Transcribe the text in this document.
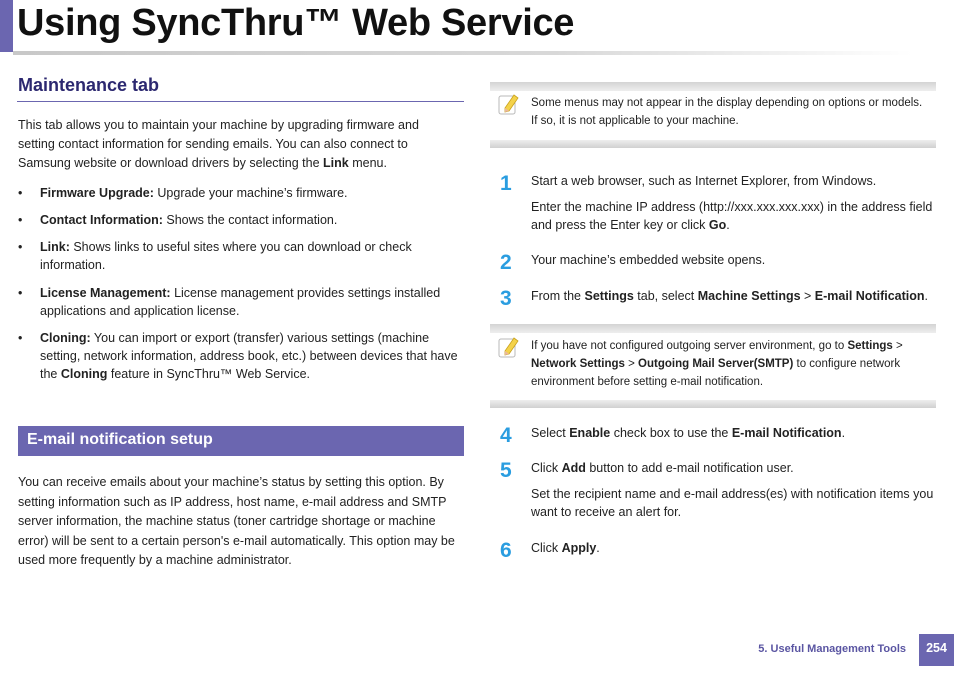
Using SyncThru™ Web Service
Maintenance tab
This tab allows you to maintain your machine by upgrading firmware and setting contact information for sending emails. You can also connect to Samsung website or download drivers by selecting the Link menu.
• Firmware Upgrade: Upgrade your machine’s firmware.
• Contact Information: Shows the contact information.
• Link: Shows links to useful sites where you can download or check information.
• License Management: License management provides settings installed applications and application license.
• Cloning: You can import or export (transfer) various settings (machine setting, network information, address book, etc.) between devices that have the Cloning feature in SyncThru™ Web Service.
E-mail notification setup
You can receive emails about your machine’s status by setting this option. By setting information such as IP address, host name, e-mail address and SMTP server information, the machine status (toner cartridge shortage or machine error) will be sent to a certain person's e-mail automatically. This option may be used more frequently by a machine administrator.
Some menus may not appear in the display depending on options or models. If so, it is not applicable to your machine.
1 Start a web browser, such as Internet Explorer, from Windows.
Enter the machine IP address (http://xxx.xxx.xxx.xxx) in the address field and press the Enter key or click Go.
2 Your machine’s embedded website opens.
3 From the Settings tab, select Machine Settings > E-mail Notification.
If you have not configured outgoing server environment, go to Settings > Network Settings > Outgoing Mail Server(SMTP) to configure network environment before setting e-mail notification.
4 Select Enable check box to use the E-mail Notification.
5 Click Add button to add e-mail notification user.
Set the recipient name and e-mail address(es) with notification items you want to receive an alert for.
6 Click Apply.
5. Useful Management Tools	254
